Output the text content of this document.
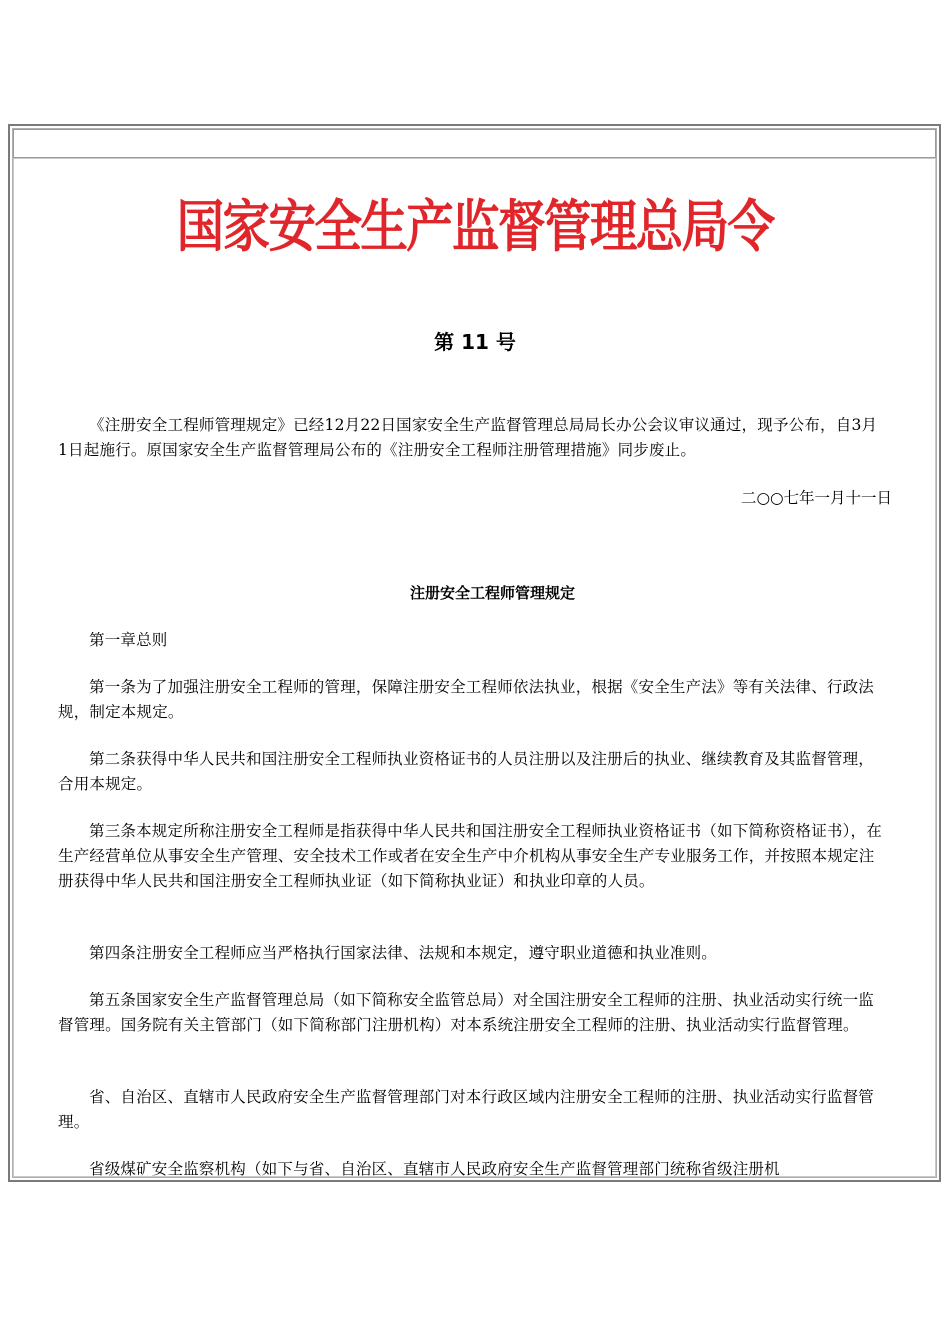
国家安全生产监督管理总局令
第 11 号

《注册安全工程师管理规定》已经12月22日国家安全生产监督管理总局局长办公会议审议通过，现予公布，自3月1日起施行。原国家安全生产监督管理局公布的《注册安全工程师注册管理措施》同步废止。

二○○七年一月十一日
注册安全工程师管理规定

第一章总则

第一条为了加强注册安全工程师的管理，保障注册安全工程师依法执业，根据《安全生产法》等有关法律、行政法规，制定本规定。

第二条获得中华人民共和国注册安全工程师执业资格证书的人员注册以及注册后的执业、继续教育及其监督管理，合用本规定。

第三条本规定所称注册安全工程师是指获得中华人民共和国注册安全工程师执业资格证书（如下简称资格证书），在生产经营单位从事安全生产管理、安全技术工作或者在安全生产中介机构从事安全生产专业服务工作，并按照本规定注册获得中华人民共和国注册安全工程师执业证（如下简称执业证）和执业印章的人员。

第四条注册安全工程师应当严格执行国家法律、法规和本规定，遵守职业道德和执业准则。

第五条国家安全生产监督管理总局（如下简称安全监管总局）对全国注册安全工程师的注册、执业活动实行统一监督管理。国务院有关主管部门（如下简称部门注册机构）对本系统注册安全工程师的注册、执业活动实行监督管理。

省、自治区、直辖市人民政府安全生产监督管理部门对本行政区域内注册安全工程师的注册、执业活动实行监督管理。

省级煤矿安全监察机构（如下与省、自治区、直辖市人民政府安全生产监督管理部门统称省级注册机
